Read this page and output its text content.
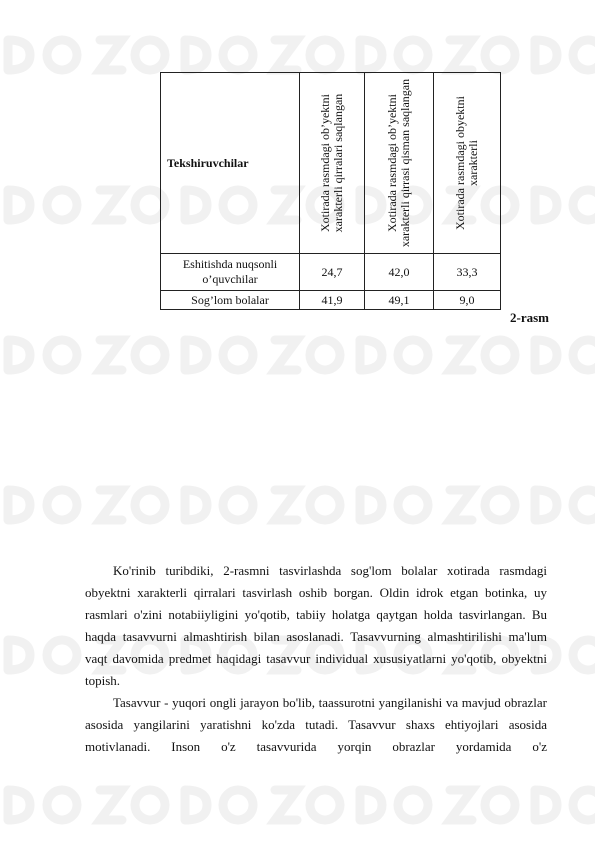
Tekshiruvchilar	Xotirada rasmdagi ob’yektni xarakterli qirralari saqlangan	Xotirada rasmdagi ob’yektni xarakterli qirrasi qisman saqlangan	Xotirada rasmdagi obyektni xarakterli

Eshitishda nuqsonli o’quvchilar	24,7	42,0	33,3
Sog’lom bolalar	41,9	49,1	9,0
2-rasm

Ko'rinib turibdiki, 2-rasmni tasvirlashda sog'lom bolalar xotirada rasmdagi obyektni xarakterli qirralari tasvirlash oshib borgan. Oldin idrok etgan botinka, uy rasmlari o'zini notabiiyligini yo'qotib, tabiiy holatga qaytgan holda tasvirlangan. Bu haqda tasavvurni almashtirish bilan asoslanadi. Tasavvurning almashtirilishi ma'lum vaqt davomida predmet haqidagi tasavvur individual xususiyatlarni yo'qotib, obyektni topish.

Tasavvur - yuqori ongli jarayon bo'lib, taassurotni yangilanishi va mavjud obrazlar asosida yangilarini yaratishni ko'zda tutadi. Tasavvur shaxs ehtiyojlari asosida motivlanadi. Inson o'z tasavvurida yorqin obrazlar yordamida o'z
